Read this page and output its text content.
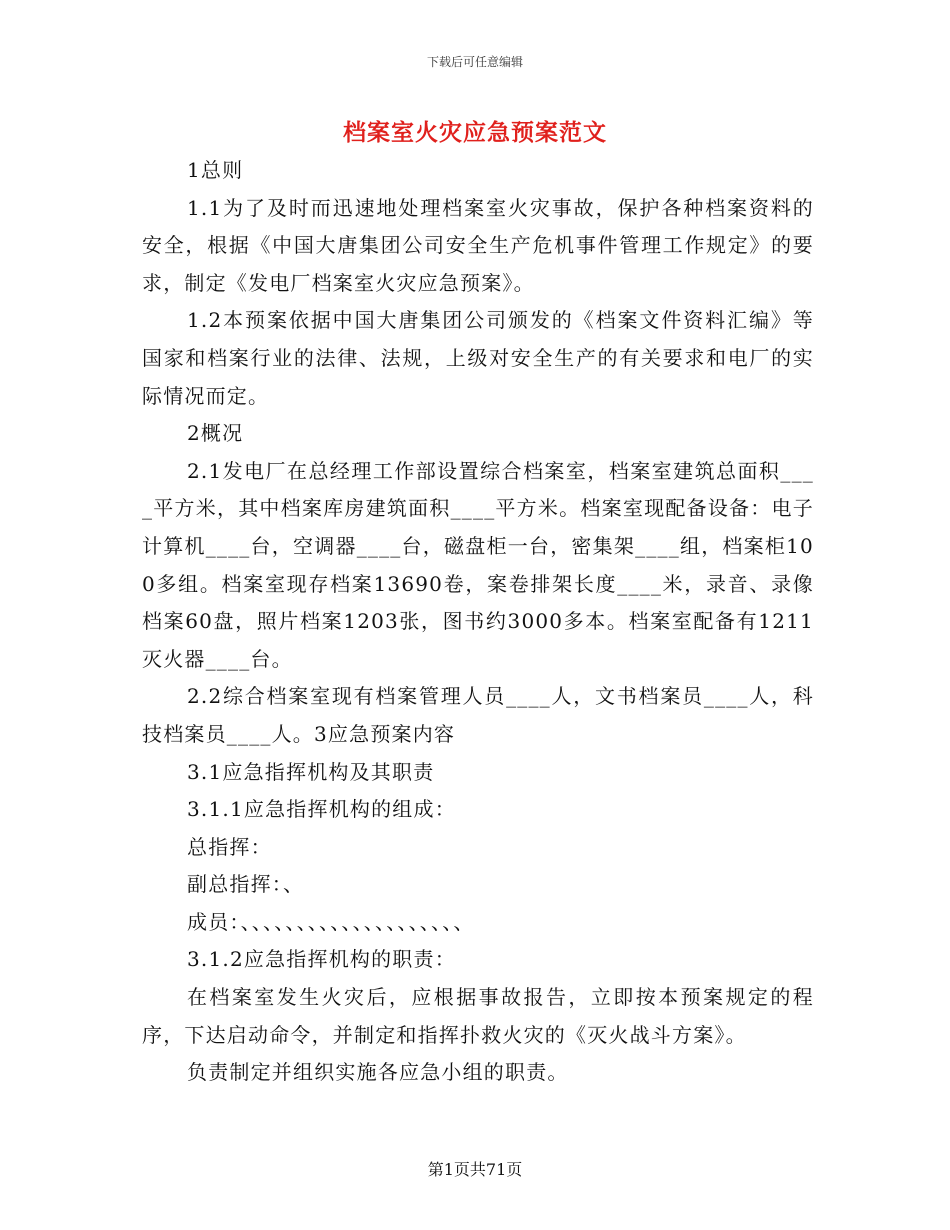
下载后可任意编辑
档案室火灾应急预案范文

1总则

1.1为了及时而迅速地处理档案室火灾事故，保护各种档案资料的安全，根据《中国大唐集团公司安全生产危机事件管理工作规定》的要求，制定《发电厂档案室火灾应急预案》。

1.2本预案依据中国大唐集团公司颁发的《档案文件资料汇编》等国家和档案行业的法律、法规，上级对安全生产的有关要求和电厂的实际情况而定。

2概况

2.1发电厂在总经理工作部设置综合档案室，档案室建筑总面积____平方米，其中档案库房建筑面积____平方米。档案室现配备设备：电子计算机____台，空调器____台，磁盘柜一台，密集架____组，档案柜100多组。档案室现存档案13690卷，案卷排架长度____米，录音、录像档案60盘，照片档案1203张，图书约3000多本。档案室配备有1211灭火器____台。

2.2综合档案室现有档案管理人员____人，文书档案员____人，科技档案员____人。3应急预案内容

3.1应急指挥机构及其职责

3.1.1应急指挥机构的组成：

总指挥：

副总指挥：、

成员：、、、、、、、、、、、、、、、、、、、、

3.1.2应急指挥机构的职责：

在档案室发生火灾后，应根据事故报告，立即按本预案规定的程序，下达启动命令，并制定和指挥扑救火灾的《灭火战斗方案》。

负责制定并组织实施各应急小组的职责。

第1页共71页
